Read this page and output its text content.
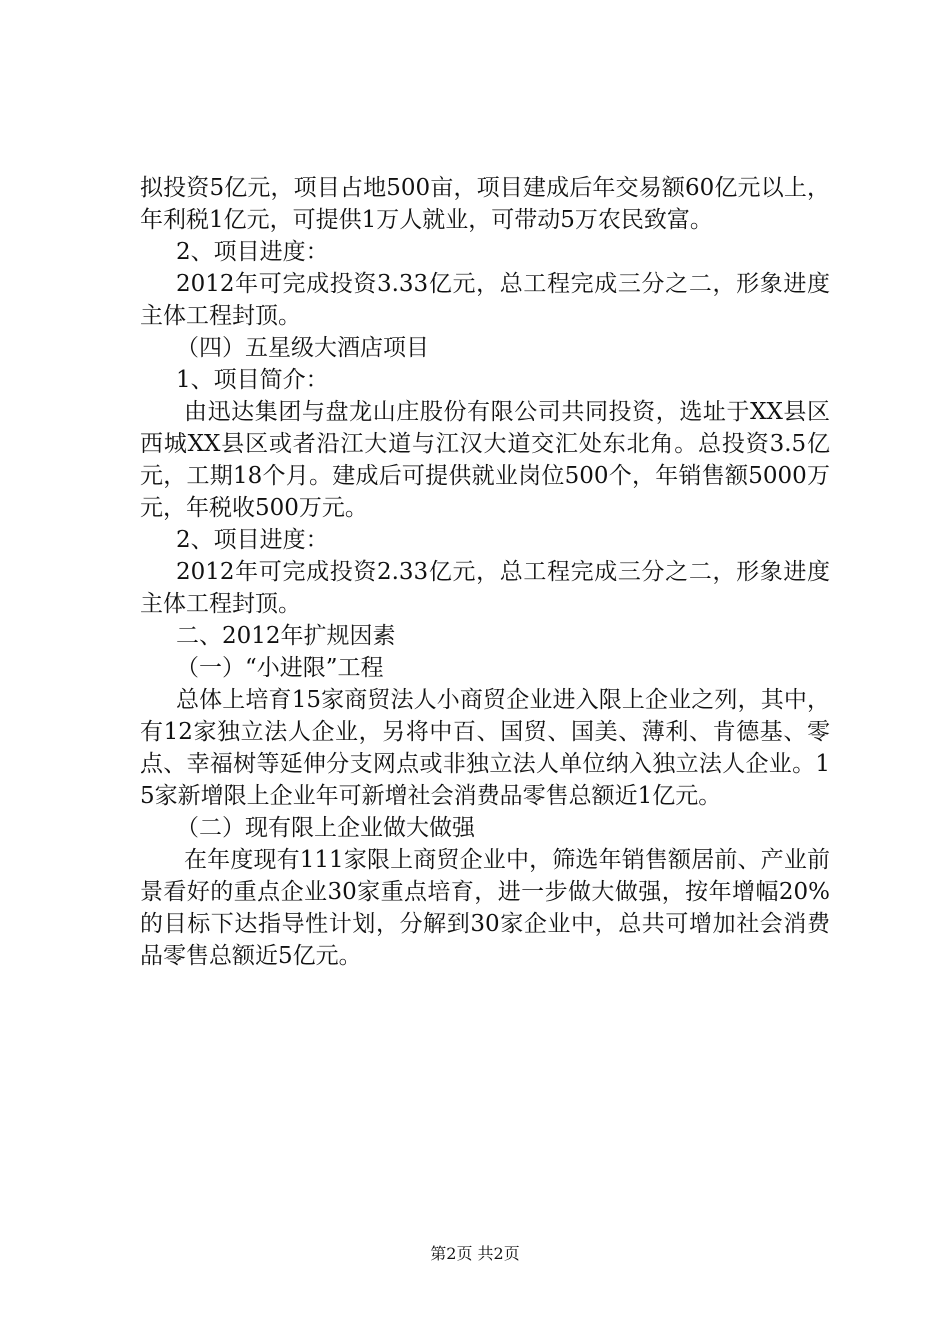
拟投资5亿元，项目占地500亩，项目建成后年交易额60亿元以上，年利税1亿元，可提供1万人就业，可带动5万农民致富。

2、项目进度：

2012年可完成投资3.33亿元，总工程完成三分之二，形象进度主体工程封顶。

（四）五星级大酒店项目

1、项目简介：

由迅达集团与盘龙山庄股份有限公司共同投资，选址于XX县区西城XX县区或者沿江大道与江汉大道交汇处东北角。总投资3.5亿元，工期18个月。建成后可提供就业岗位500个，年销售额5000万元，年税收500万元。

2、项目进度：

2012年可完成投资2.33亿元，总工程完成三分之二，形象进度主体工程封顶。

二、2012年扩规因素

（一）“小进限”工程

总体上培育15家商贸法人小商贸企业进入限上企业之列，其中，有12家独立法人企业，另将中百、国贸、国美、薄利、肯德基、零点、幸福树等延伸分支网点或非独立法人单位纳入独立法人企业。15家新增限上企业年可新增社会消费品零售总额近1亿元。

（二）现有限上企业做大做强

在年度现有111家限上商贸企业中，筛选年销售额居前、产业前景看好的重点企业30家重点培育，进一步做大做强，按年增幅20%的目标下达指导性计划，分解到30家企业中，总共可增加社会消费品零售总额近5亿元。

第2页 共2页
